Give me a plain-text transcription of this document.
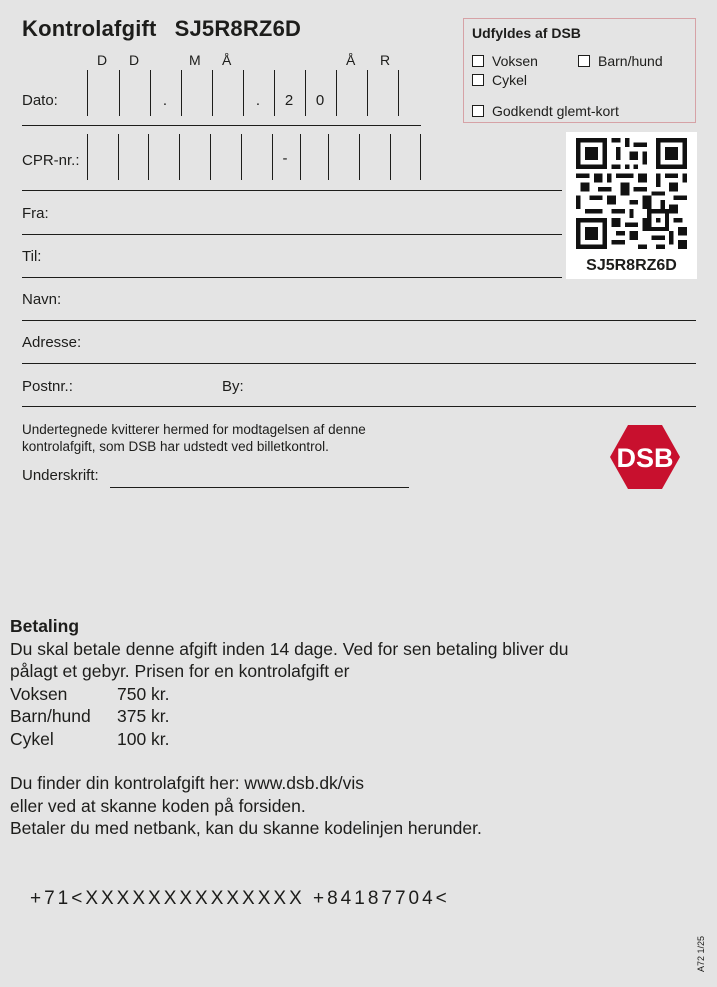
Kontrolafgift SJ5R8RZ6D	Udfyldes af DSB
Voksen	Barn/hund
Cykel
Godkendt glemt-kort
D D	M Å	Å R
Dato:	.	.	2	0
CPR-nr.:	-
Fra:
Til:
SJ5R8RZ6D
Navn:
Adresse:
Postnr.:	By:
Undertegnede kvitterer hermed for modtagelsen af denne
kontrolafgift, som DSB har udstedt ved billetkontrol.
Underskrift:
DSB
Betaling
Du skal betale denne afgift inden 14 dage. Ved for sen betaling bliver du
pålagt et gebyr. Prisen for en kontrolafgift er
Voksen	750 kr.
Barn/hund	375 kr.
Cykel	100 kr.
Du finder din kontrolafgift her: www.dsb.dk/vis
eller ved at skanne koden på forsiden.
Betaler du med netbank, kan du skanne kodelinjen herunder.
+71<XXXXXXXXXXXXXX +84187704<
A72 1/25
